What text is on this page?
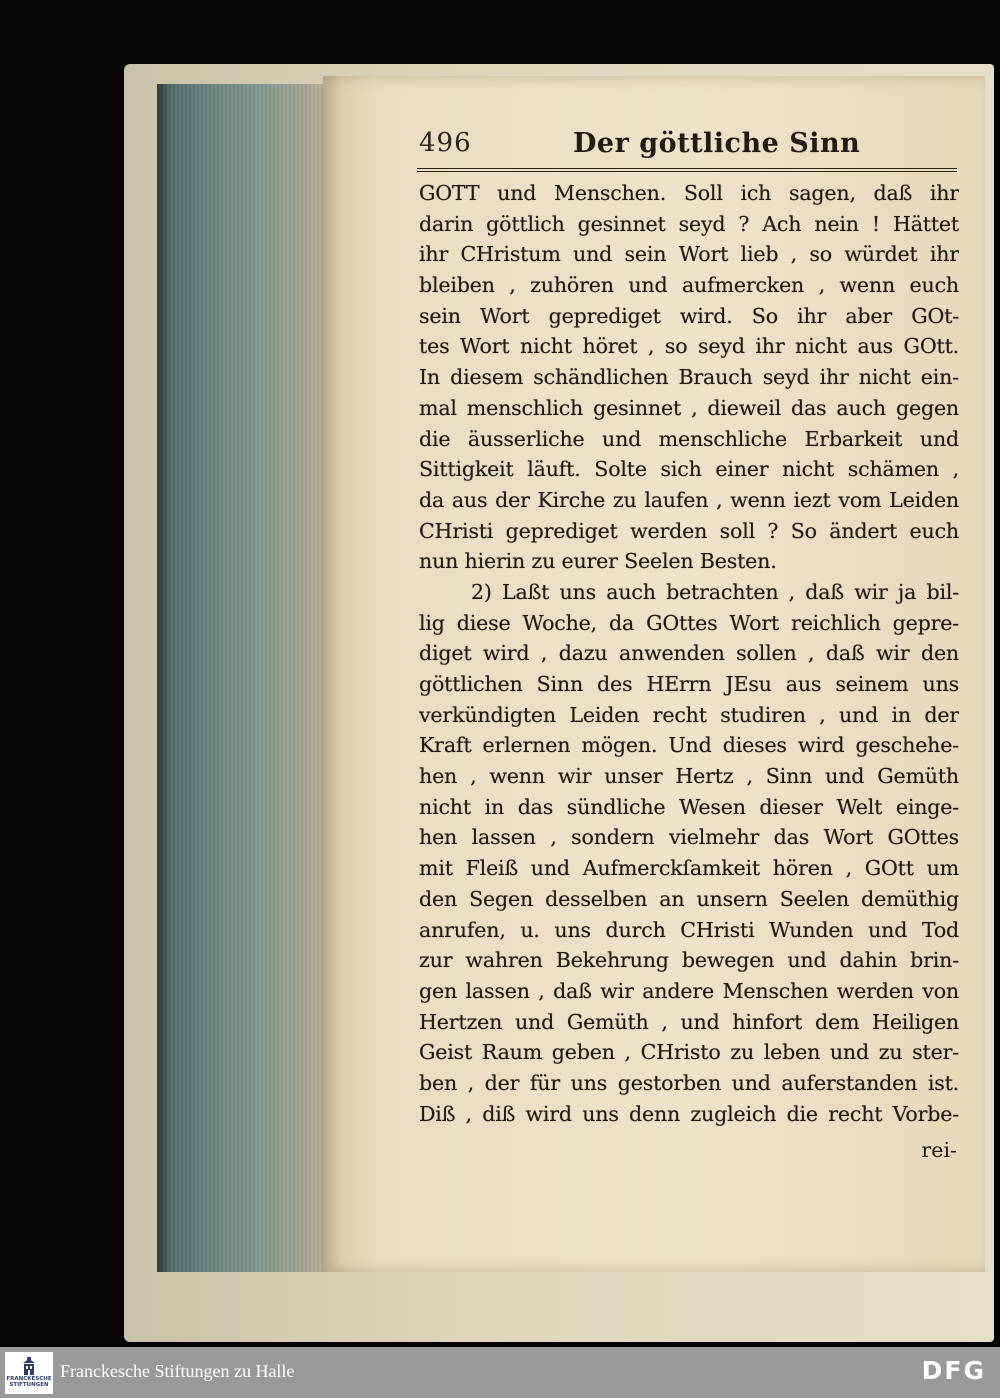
496	Der göttliche Sinn
GOTT und Menschen. Soll ich sagen, daß ihr
darin göttlich gesinnet seyd ? Ach nein ! Hättet
ihr CHristum und sein Wort lieb , so würdet ihr
bleiben , zuhören und aufmercken , wenn euch
sein Wort geprediget wird. So ihr aber GOt-
tes Wort nicht höret , so seyd ihr nicht aus GOtt.
In diesem schändlichen Brauch seyd ihr nicht ein-
mal menschlich gesinnet , dieweil das auch gegen
die äusserliche und menschliche Erbarkeit und
Sittigkeit läuft. Solte sich einer nicht schämen ,
da aus der Kirche zu laufen , wenn iezt vom Leiden
CHristi geprediget werden soll ? So ändert euch
nun hierin zu eurer Seelen Besten.
2) Laßt uns auch betrachten , daß wir ja bil-
lig diese Woche, da GOttes Wort reichlich gepre-
diget wird , dazu anwenden sollen , daß wir den
göttlichen Sinn des HErrn JEsu aus seinem uns
verkündigten Leiden recht studiren , und in der
Kraft erlernen mögen. Und dieses wird geschehe-
hen , wenn wir unser Hertz , Sinn und Gemüth
nicht in das sündliche Wesen dieser Welt einge-
hen lassen , sondern vielmehr das Wort GOttes
mit Fleiß und Aufmerckſamkeit hören , GOtt um
den Segen desselben an unsern Seelen demüthig
anrufen, u. uns durch CHristi Wunden und Tod
zur wahren Bekehrung bewegen und dahin brin-
gen lassen , daß wir andere Menschen werden von
Hertzen und Gemüth , und hinfort dem Heiligen
Geist Raum geben , CHristo zu leben und zu ster-
ben , der für uns gestorben und auferstanden ist.
Diß , diß wird uns denn zugleich die recht Vorbe-
rei-
FRANCKESCHE STIFTUNGEN
Franckesche Stiftungen zu Halle	DFG
